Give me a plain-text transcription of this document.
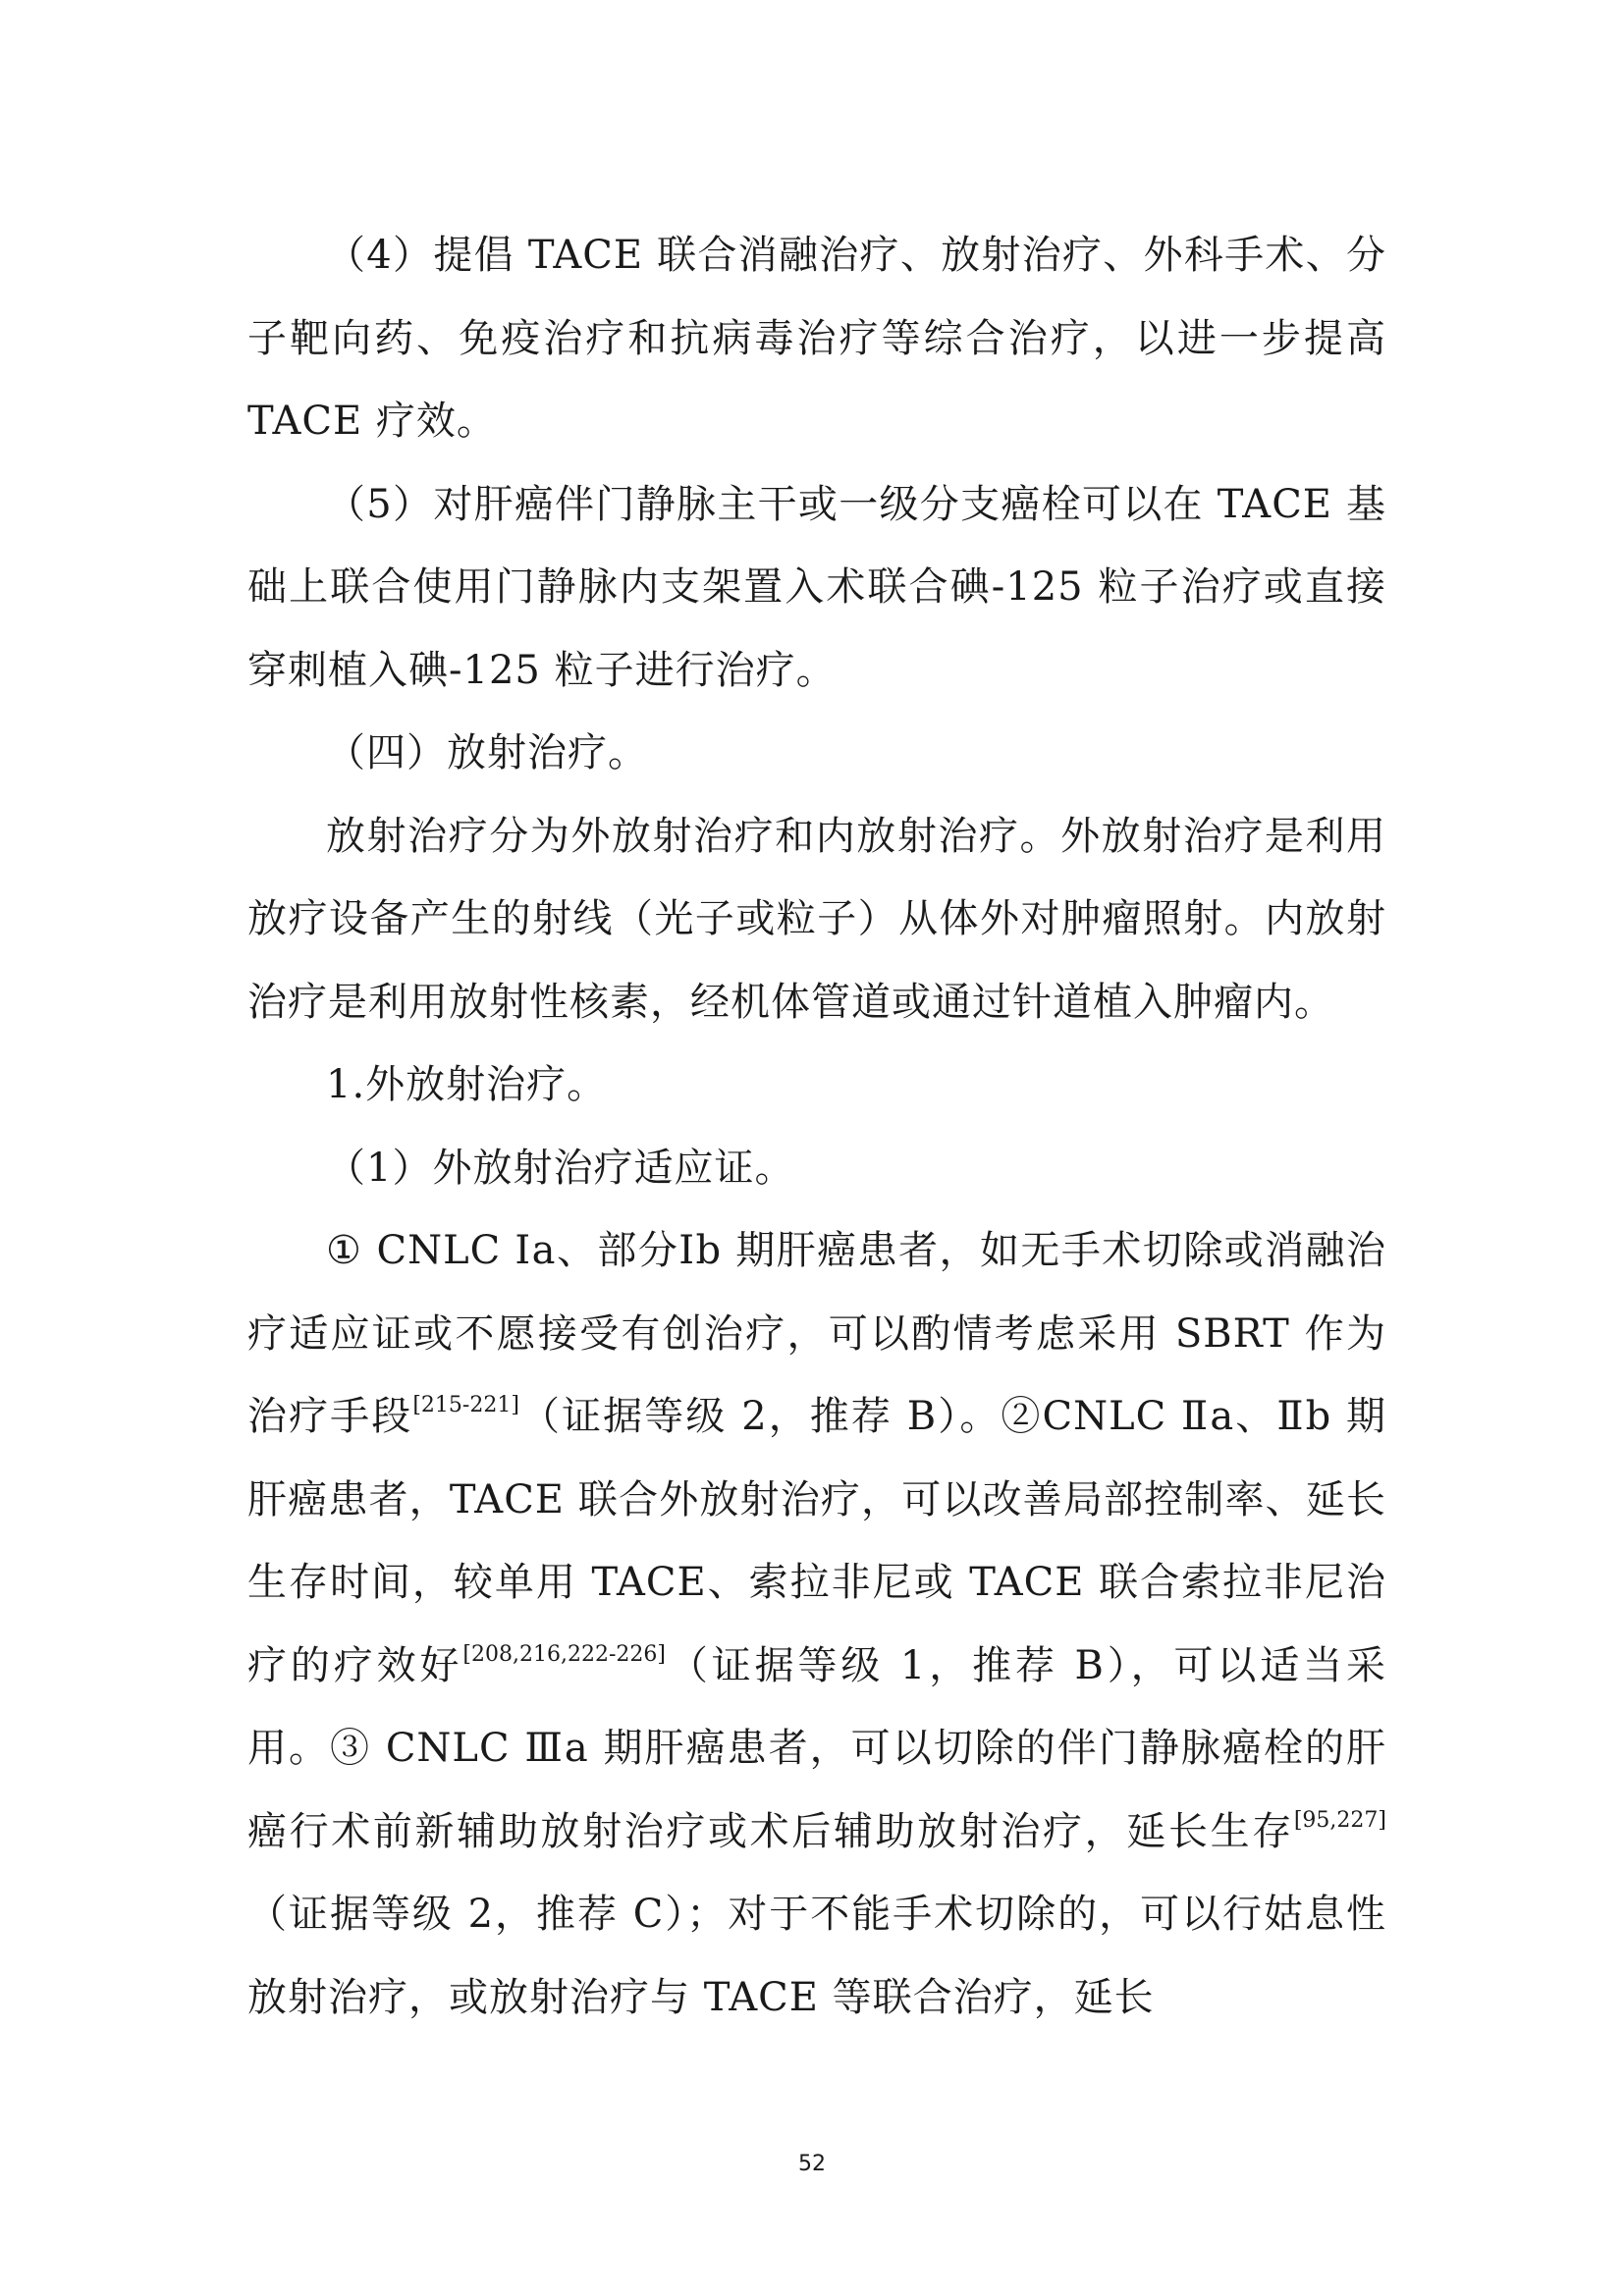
（4）提倡 TACE 联合消融治疗、放射治疗、外科手术、分子靶向药、免疫治疗和抗病毒治疗等综合治疗，以进一步提高 TACE 疗效。

（5）对肝癌伴门静脉主干或一级分支癌栓可以在 TACE 基础上联合使用门静脉内支架置入术联合碘-125 粒子治疗或直接穿刺植入碘-125 粒子进行治疗。

（四）放射治疗。

放射治疗分为外放射治疗和内放射治疗。外放射治疗是利用放疗设备产生的射线（光子或粒子）从体外对肿瘤照射。内放射治疗是利用放射性核素，经机体管道或通过针道植入肿瘤内。

1.外放射治疗。

（1）外放射治疗适应证。

① CNLC Ⅰa、部分Ⅰb 期肝癌患者，如无手术切除或消融治疗适应证或不愿接受有创治疗，可以酌情考虑采用 SBRT 作为治疗手段[215-221]（证据等级 2，推荐 B）。②CNLC Ⅱa、Ⅱb 期肝癌患者，TACE 联合外放射治疗，可以改善局部控制率、延长生存时间，较单用 TACE、索拉非尼或 TACE 联合索拉非尼治疗的疗效好[208,216,222-226]（证据等级 1，推荐 B），可以适当采用。③ CNLC Ⅲa 期肝癌患者，可以切除的伴门静脉癌栓的肝癌行术前新辅助放射治疗或术后辅助放射治疗，延长生存[95,227]（证据等级 2，推荐 C）；对于不能手术切除的，可以行姑息性放射治疗，或放射治疗与 TACE 等联合治疗，延长

52
